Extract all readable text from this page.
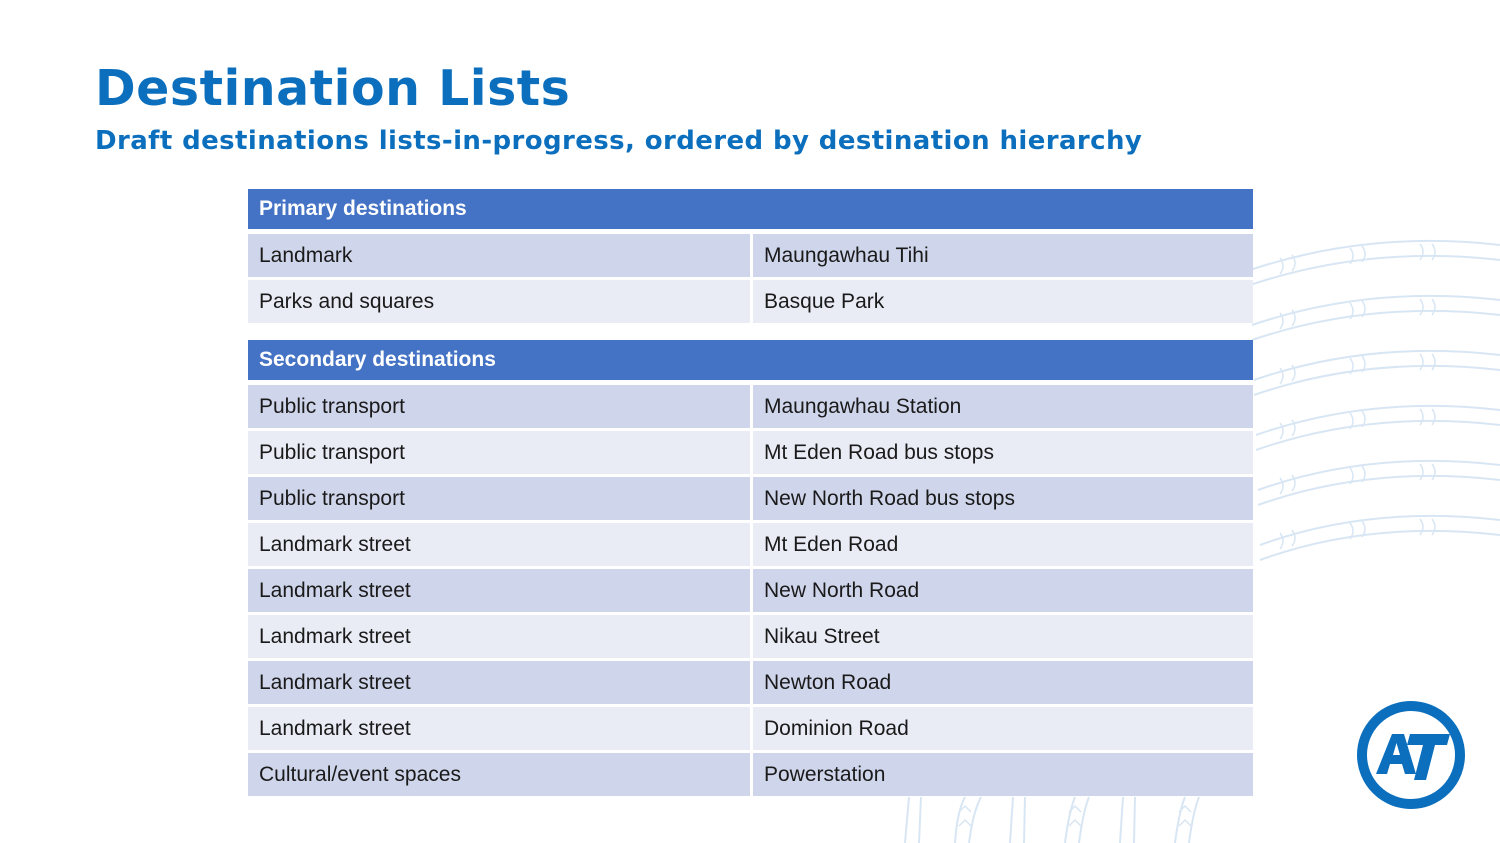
Destination Lists
Draft destinations lists-in-progress, ordered by destination hierarchy
Primary destinations	
Landmark	Maungawhau Tihi
Parks and squares	Basque Park
Secondary destinations	
Public transport	Maungawhau Station
Public transport	Mt Eden Road bus stops
Public transport	New North Road bus stops
Landmark street	Mt Eden Road
Landmark street	New North Road
Landmark street	Nikau Street
Landmark street	Newton Road
Landmark street	Dominion Road
Cultural/event spaces	Powerstation
AT
